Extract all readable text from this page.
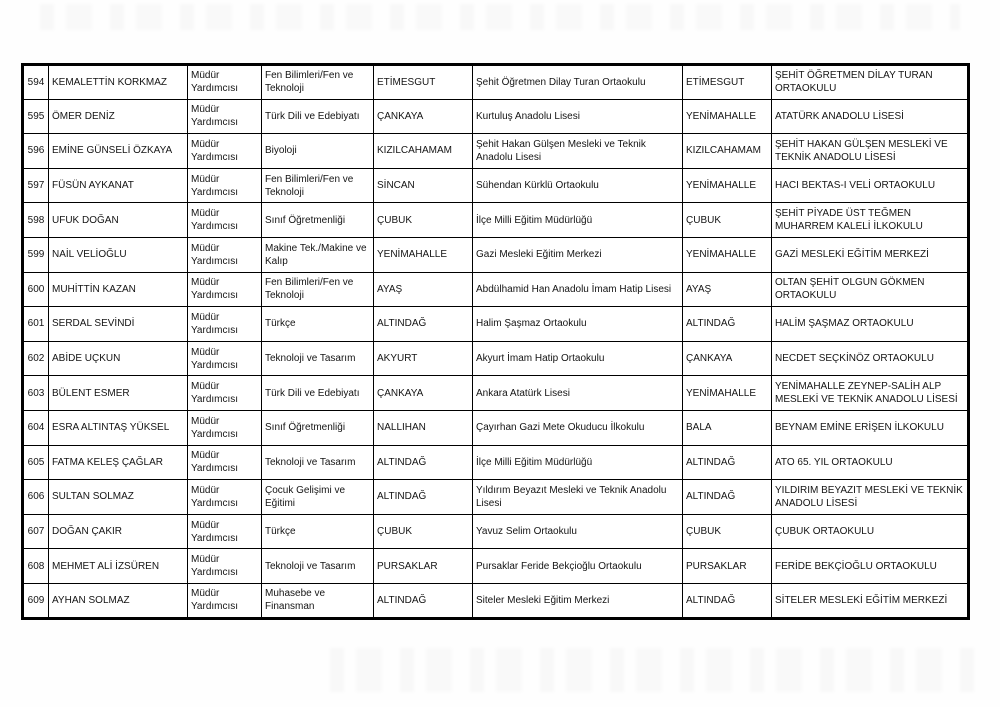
594	KEMALETTİN KORKMAZ	Müdür Yardımcısı	Fen Bilimleri/Fen ve Teknoloji	ETİMESGUT	Şehit Öğretmen Dilay Turan Ortaokulu	ETİMESGUT	ŞEHİT ÖĞRETMEN DİLAY TURAN ORTAOKULU
595	ÖMER DENİZ	Müdür Yardımcısı	Türk Dili ve Edebiyatı	ÇANKAYA	Kurtuluş Anadolu Lisesi	YENİMAHALLE	ATATÜRK ANADOLU LİSESİ
596	EMİNE GÜNSELİ ÖZKAYA	Müdür Yardımcısı	Biyoloji	KIZILCAHAMAM	Şehit Hakan Gülşen Mesleki ve Teknik Anadolu Lisesi	KIZILCAHAMAM	ŞEHİT HAKAN GÜLŞEN MESLEKİ VE TEKNİK ANADOLU LİSESİ
597	FÜSÜN AYKANAT	Müdür Yardımcısı	Fen Bilimleri/Fen ve Teknoloji	SİNCAN	Sühendan Kürklü Ortaokulu	YENİMAHALLE	HACI BEKTAS-I VELİ ORTAOKULU
598	UFUK DOĞAN	Müdür Yardımcısı	Sınıf Öğretmenliği	ÇUBUK	İlçe Milli Eğitim Müdürlüğü	ÇUBUK	ŞEHİT PİYADE ÜST TEĞMEN MUHARREM KALELİ İLKOKULU
599	NAİL VELİOĞLU	Müdür Yardımcısı	Makine Tek./Makine ve Kalıp	YENİMAHALLE	Gazi Mesleki Eğitim Merkezi	YENİMAHALLE	GAZİ MESLEKİ EĞİTİM MERKEZİ
600	MUHİTTİN KAZAN	Müdür Yardımcısı	Fen Bilimleri/Fen ve Teknoloji	AYAŞ	Abdülhamid Han Anadolu İmam Hatip Lisesi	AYAŞ	OLTAN ŞEHİT OLGUN GÖKMEN ORTAOKULU
601	SERDAL SEVİNDİ	Müdür Yardımcısı	Türkçe	ALTINDAĞ	Halim Şaşmaz Ortaokulu	ALTINDAĞ	HALİM ŞAŞMAZ ORTAOKULU
602	ABİDE UÇKUN	Müdür Yardımcısı	Teknoloji ve Tasarım	AKYURT	Akyurt İmam Hatip Ortaokulu	ÇANKAYA	NECDET SEÇKİNÖZ ORTAOKULU
603	BÜLENT ESMER	Müdür Yardımcısı	Türk Dili ve Edebiyatı	ÇANKAYA	Ankara Atatürk Lisesi	YENİMAHALLE	YENİMAHALLE ZEYNEP-SALİH ALP MESLEKİ VE TEKNİK ANADOLU LİSESİ
604	ESRA ALTINTAŞ YÜKSEL	Müdür Yardımcısı	Sınıf Öğretmenliği	NALLIHAN	Çayırhan Gazi Mete Okuducu İlkokulu	BALA	BEYNAM EMİNE ERİŞEN İLKOKULU
605	FATMA KELEŞ ÇAĞLAR	Müdür Yardımcısı	Teknoloji ve Tasarım	ALTINDAĞ	İlçe Milli Eğitim Müdürlüğü	ALTINDAĞ	ATO 65. YIL ORTAOKULU
606	SULTAN SOLMAZ	Müdür Yardımcısı	Çocuk Gelişimi ve Eğitimi	ALTINDAĞ	Yıldırım Beyazıt Mesleki ve Teknik Anadolu Lisesi	ALTINDAĞ	YILDIRIM BEYAZIT MESLEKİ VE TEKNİK ANADOLU LİSESİ
607	DOĞAN ÇAKIR	Müdür Yardımcısı	Türkçe	ÇUBUK	Yavuz Selim Ortaokulu	ÇUBUK	ÇUBUK ORTAOKULU
608	MEHMET ALİ İZSÜREN	Müdür Yardımcısı	Teknoloji ve Tasarım	PURSAKLAR	Pursaklar Feride Bekçioğlu Ortaokulu	PURSAKLAR	FERİDE BEKÇİOĞLU ORTAOKULU
609	AYHAN SOLMAZ	Müdür Yardımcısı	Muhasebe ve Finansman	ALTINDAĞ	Siteler Mesleki Eğitim Merkezi	ALTINDAĞ	SİTELER MESLEKİ EĞİTİM MERKEZİ
